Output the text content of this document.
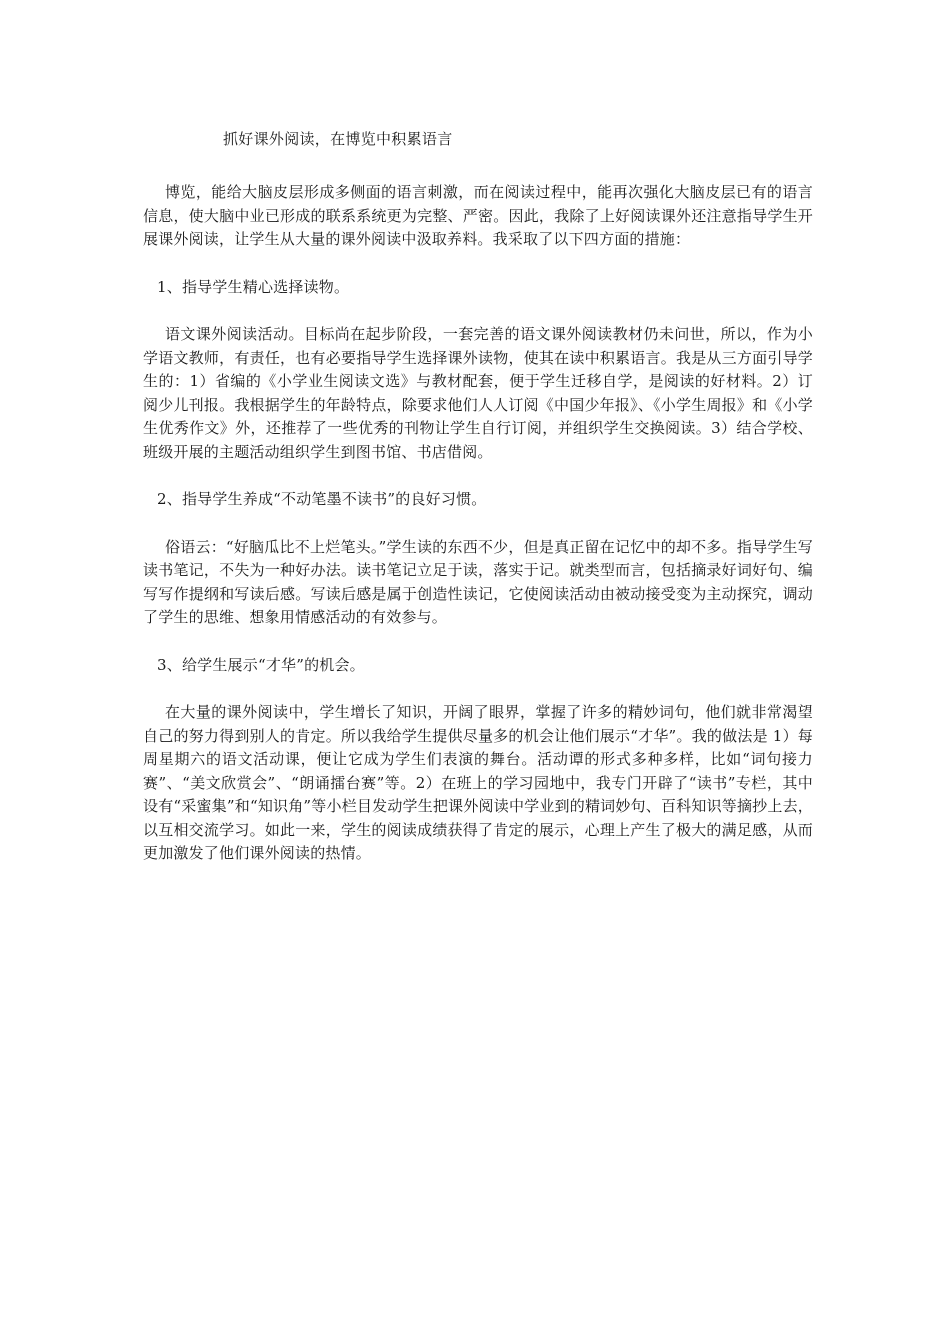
抓好课外阅读，在博览中积累语言

博览，能给大脑皮层形成多侧面的语言刺激，而在阅读过程中，能再次强化大脑皮层已有的语言信息，使大脑中业已形成的联系系统更为完整、严密。因此，我除了上好阅读课外还注意指导学生开展课外阅读，让学生从大量的课外阅读中汲取养料。我采取了以下四方面的措施：

1、指导学生精心选择读物。

语文课外阅读活动。目标尚在起步阶段，一套完善的语文课外阅读教材仍未问世，所以，作为小学语文教师，有责任，也有必要指导学生选择课外读物，使其在读中积累语言。我是从三方面引导学生的：1）省编的《小学业生阅读文选》与教材配套，便于学生迁移自学，是阅读的好材料。2）订阅少儿刊报。我根据学生的年龄特点，除要求他们人人订阅《中国少年报》、《小学生周报》和《小学生优秀作文》外，还推荐了一些优秀的刊物让学生自行订阅，并组织学生交换阅读。3）结合学校、班级开展的主题活动组织学生到图书馆、书店借阅。

2、指导学生养成“不动笔墨不读书”的良好习惯。

俗语云：“好脑瓜比不上烂笔头。”学生读的东西不少，但是真正留在记忆中的却不多。指导学生写读书笔记，不失为一种好办法。读书笔记立足于读，落实于记。就类型而言，包括摘录好词好句、编写写作提纲和写读后感。写读后感是属于创造性读记，它使阅读活动由被动接受变为主动探究，调动了学生的思维、想象用情感活动的有效参与。

3、给学生展示“才华”的机会。

在大量的课外阅读中，学生增长了知识，开阔了眼界，掌握了许多的精妙词句，他们就非常渴望自己的努力得到别人的肯定。所以我给学生提供尽量多的机会让他们展示“才华”。我的做法是 1）每周星期六的语文活动课，便让它成为学生们表演的舞台。活动谭的形式多种多样，比如“词句接力赛”、“美文欣赏会”、“朗诵擂台赛”等。2）在班上的学习园地中，我专门开辟了“读书”专栏，其中设有“采蜜集”和“知识角”等小栏目发动学生把课外阅读中学业到的精词妙句、百科知识等摘抄上去，以互相交流学习。如此一来，学生的阅读成绩获得了肯定的展示，心理上产生了极大的满足感，从而更加激发了他们课外阅读的热情。
